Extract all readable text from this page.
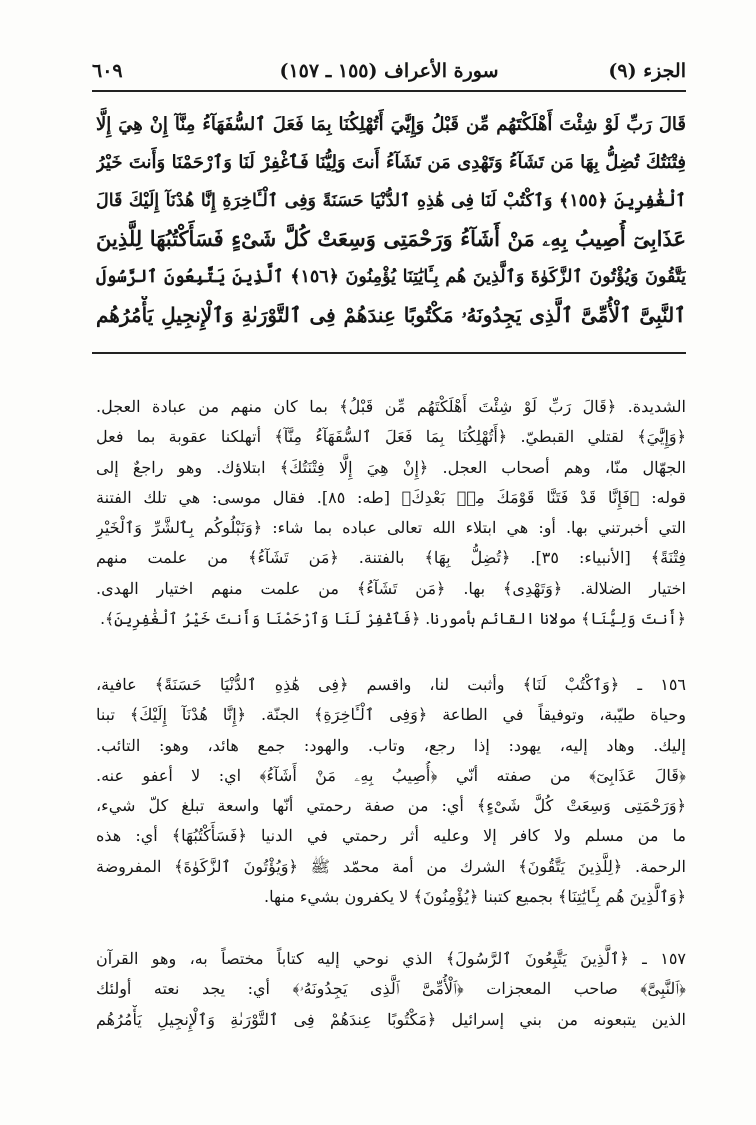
الجزء (٩)
سورة الأعراف (١٥٥ ـ ١٥٧)
٦٠٩
قَالَ رَبِّ لَوْ شِئْتَ أَهْلَكْتَهُم مِّن قَبْلُ وَإِيَّٰيَ أَتُهْلِكُنَا بِمَا فَعَلَ ٱلسُّفَهَآءُ مِنَّآ إِنْ هِيَ إِلَّا
فِتْنَتُكَ تُضِلُّ بِهَا مَن تَشَآءُ وَتَهْدِى مَن تَشَآءُ أَنتَ وَلِيُّنَا فَٱغْفِرْ لَنَا وَٱرْحَمْنَا وَأَنتَ خَيْرُ
ٱلْغَٰفِرِينَ ﴿١٥٥﴾ وَٱكْتُبْ لَنَا فِى هَٰذِهِ ٱلدُّنْيَا حَسَنَةً وَفِى ٱلْـَٔاخِرَةِ إِنَّا هُدْنَآ إِلَيْكَ قَالَ
عَذَابِىٓ أُصِيبُ بِهِۦ مَنْ أَشَآءُ وَرَحْمَتِى وَسِعَتْ كُلَّ شَىْءٍ فَسَأَكْتُبُهَا لِلَّذِينَ
يَتَّقُونَ وَيُؤْتُونَ ٱلزَّكَوٰةَ وَٱلَّذِينَ هُم بِـَٔايَٰتِنَا يُؤْمِنُونَ ﴿١٥٦﴾ ٱلَّذِينَ يَتَّبِعُونَ ٱلرَّسُولَ
ٱلنَّبِىَّ ٱلْأُمِّىَّ ٱلَّذِى يَجِدُونَهُۥ مَكْتُوبًا عِندَهُمْ فِى ٱلتَّوْرَىٰةِ وَٱلْإِنجِيلِ يَأْمُرُهُم
الشديدة. ﴿قَالَ رَبِّ لَوْ شِئْتَ أَهْلَكْتَهُم مِّن قَبْلُ﴾ بما كان منهم من عبادة العجل.
﴿وَإِيَّٰيَ﴾ لقتلي القبطيّ. ﴿أَتُهْلِكُنَا بِمَا فَعَلَ ٱلسُّفَهَآءُ مِنَّآ﴾ أتهلكنا عقوبة بما فعل
الجهّال منّا، وهم أصحاب العجل. ﴿إِنْ هِيَ إِلَّا فِتْنَتُكَ﴾ ابتلاؤك. وهو راجعٌ إلى
قوله: ﴿فَإِنَّا قَدْ فَتَنَّا قَوْمَكَ مِنۢ بَعْدِكَ﴾ [طه: ٨٥]. فقال موسى: هي تلك الفتنة
التي أخبرتني بها. أو: هي ابتلاء الله تعالى عباده بما شاء: ﴿وَنَبْلُوكُم بِٱلشَّرِّ وَٱلْخَيْرِ
فِتْنَةً﴾ [الأنبياء: ٣٥]. ﴿تُضِلُّ بِهَا﴾ بالفتنة. ﴿مَن تَشَآءُ﴾ من علمت منهم
اختيار الضلالة. ﴿وَتَهْدِى﴾ بها. ﴿مَن تَشَآءُ﴾ من علمت منهم اختيار الهدى.
﴿أَنتَ وَلِيُّنَا﴾ مولانا القائم بأمورنا. ﴿فَٱغْفِرْ لَنَا وَٱرْحَمْنَا وَأَنتَ خَيْرُ ٱلْغَٰفِرِينَ﴾.
١٥٦ ـ ﴿وَٱكْتُبْ لَنَا﴾ وأثبت لنا، واقسم ﴿فِى هَٰذِهِ ٱلدُّنْيَا حَسَنَةً﴾ عافية،
وحياة طيّبة، وتوفيقاً في الطاعة ﴿وَفِى ٱلْـَٔاخِرَةِ﴾ الجنّة. ﴿إِنَّا هُدْنَآ إِلَيْكَ﴾ تبنا
إليك. وهاد إليه، يهود: إذا رجع، وتاب. والهود: جمع هائد، وهو: التائب.
﴿قَالَ عَذَابِىٓ﴾ من صفته أنّي ﴿أُصِيبُ بِهِۦ مَنْ أَشَآءُ﴾ اي: لا أعفو عنه.
﴿وَرَحْمَتِى وَسِعَتْ كُلَّ شَىْءٍ﴾ أي: من صفة رحمتي أنّها واسعة تبلغ كلّ شيء،
ما من مسلم ولا كافر إلا وعليه أثر رحمتي في الدنيا ﴿فَسَأَكْتُبُهَا﴾ أي: هذه
الرحمة. ﴿لِلَّذِينَ يَتَّقُونَ﴾ الشرك من أمة محمّد ﷺ ﴿وَيُؤْتُونَ ٱلزَّكَوٰةَ﴾ المفروضة
﴿وَٱلَّذِينَ هُم بِـَٔايَٰتِنَا﴾ بجميع كتبنا ﴿يُؤْمِنُونَ﴾ لا يكفرون بشيء منها.
١٥٧ ـ ﴿ٱلَّذِينَ يَتَّبِعُونَ ٱلرَّسُولَ﴾ الذي نوحي إليه كتاباً مختصاً به، وهو القرآن
﴿ٱلنَّبِىَّ﴾ صاحب المعجزات ﴿ٱلْأُمِّىَّ ٱلَّذِى يَجِدُونَهُۥ﴾ أي: يجد نعته أولئك
الذين يتبعونه من بني إسرائيل ﴿مَكْتُوبًا عِندَهُمْ فِى ٱلتَّوْرَىٰةِ وَٱلْإِنجِيلِ يَأْمُرُهُم
